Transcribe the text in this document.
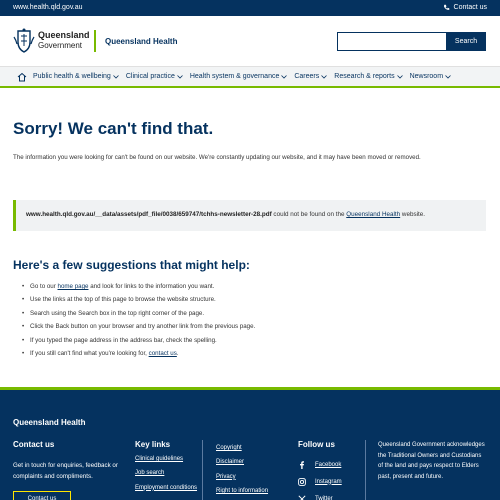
www.health.qld.gov.au	Contact us
Queensland
Government	Queensland Health	Search
Public health & wellbeing Clinical practice Health system & governance Careers Research & reports Newsroom
Sorry! We can't find that.

The information you were looking for can't be found on our website. We're constantly updating our website, and it may have been moved or removed.

www.health.qld.gov.au/__data/assets/pdf_file/0038/659747/tchhs-newsletter-28.pdf could not be found on the Queensland Health website.
Here's a few suggestions that might help:
• Go to our home page and look for links to the information you want.
• Use the links at the top of this page to browse the website structure.
• Search using the Search box in the top right corner of the page.
• Click the Back button on your browser and try another link from the previous page.
• If you typed the page address in the address bar, check the spelling.
• If you still can't find what you're looking for, contact us.
Queensland Health
Contact us
Get in touch for enquiries, feedback or complaints and compliments.
Contact us
Key links
Clinical guidelines
Job search
Employment conditions
Copyright
Disclaimer
Privacy
Right to information
Follow us
Facebook
Instagram
Twitter
Queensland Government acknowledges the Traditional Owners and Custodians of the land and pays respect to Elders past, present and future.
